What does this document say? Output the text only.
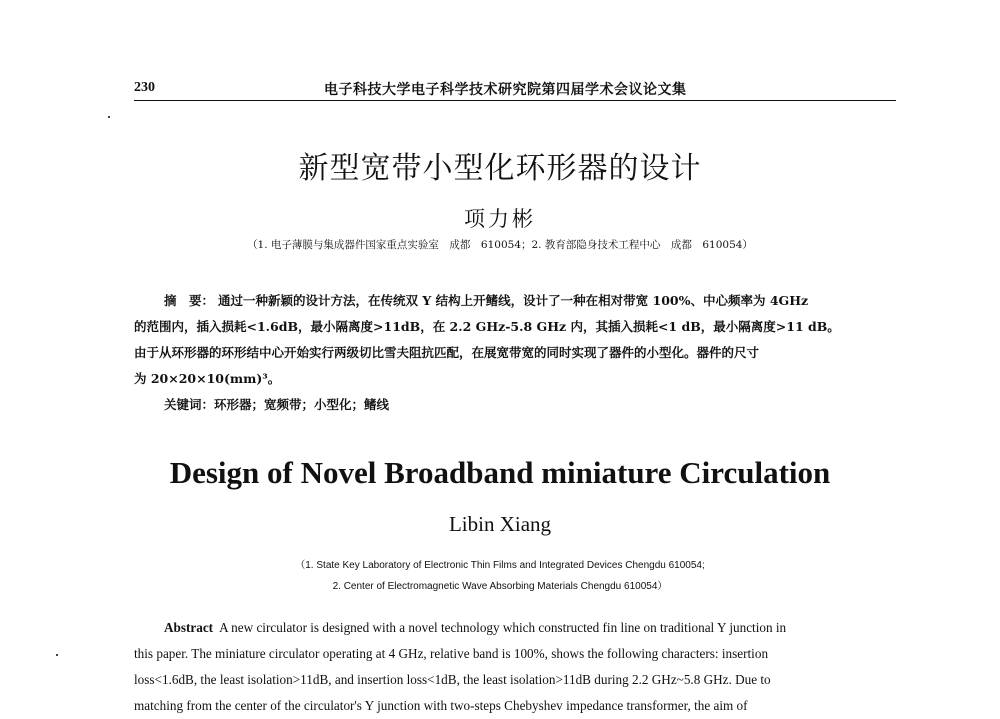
230	电子科技大学电子科学技术研究院第四届学术会议论文集
新型宽带小型化环形器的设计
项力彬
（1. 电子薄膜与集成器件国家重点实验室　成都　610054；2. 教育部隐身技术工程中心　成都　610054）
摘　要： 通过一种新颖的设计方法，在传统双 Y 结构上开鳍线，设计了一种在相对带宽 100%、中心频率为 4GHz
的范围内，插入损耗<1.6dB，最小隔离度>11dB，在 2.2 GHz-5.8 GHz 内，其插入损耗<1 dB，最小隔离度>11 dB。
由于从环形器的环形结中心开始实行两级切比雪夫阻抗匹配，在展宽带宽的同时实现了器件的小型化。器件的尺寸
为 20×20×10(mm)³。
关键词：环形器；宽频带；小型化；鳍线
Design of Novel Broadband miniature Circulation
Libin Xiang
（1. State Key Laboratory of Electronic Thin Films and Integrated Devices Chengdu 610054;
2. Center of Electromagnetic Wave Absorbing Materials Chengdu 610054）
Abstract A new circulator is designed with a novel technology which constructed fin line on traditional Y junction in
this paper. The miniature circulator operating at 4 GHz, relative band is 100%, shows the following characters: insertion
loss<1.6dB, the least isolation>11dB, and insertion loss<1dB, the least isolation>11dB during 2.2 GHz~5.8 GHz. Due to
matching from the center of the circulator's Y junction with two-steps Chebyshev impedance transformer, the aim of
